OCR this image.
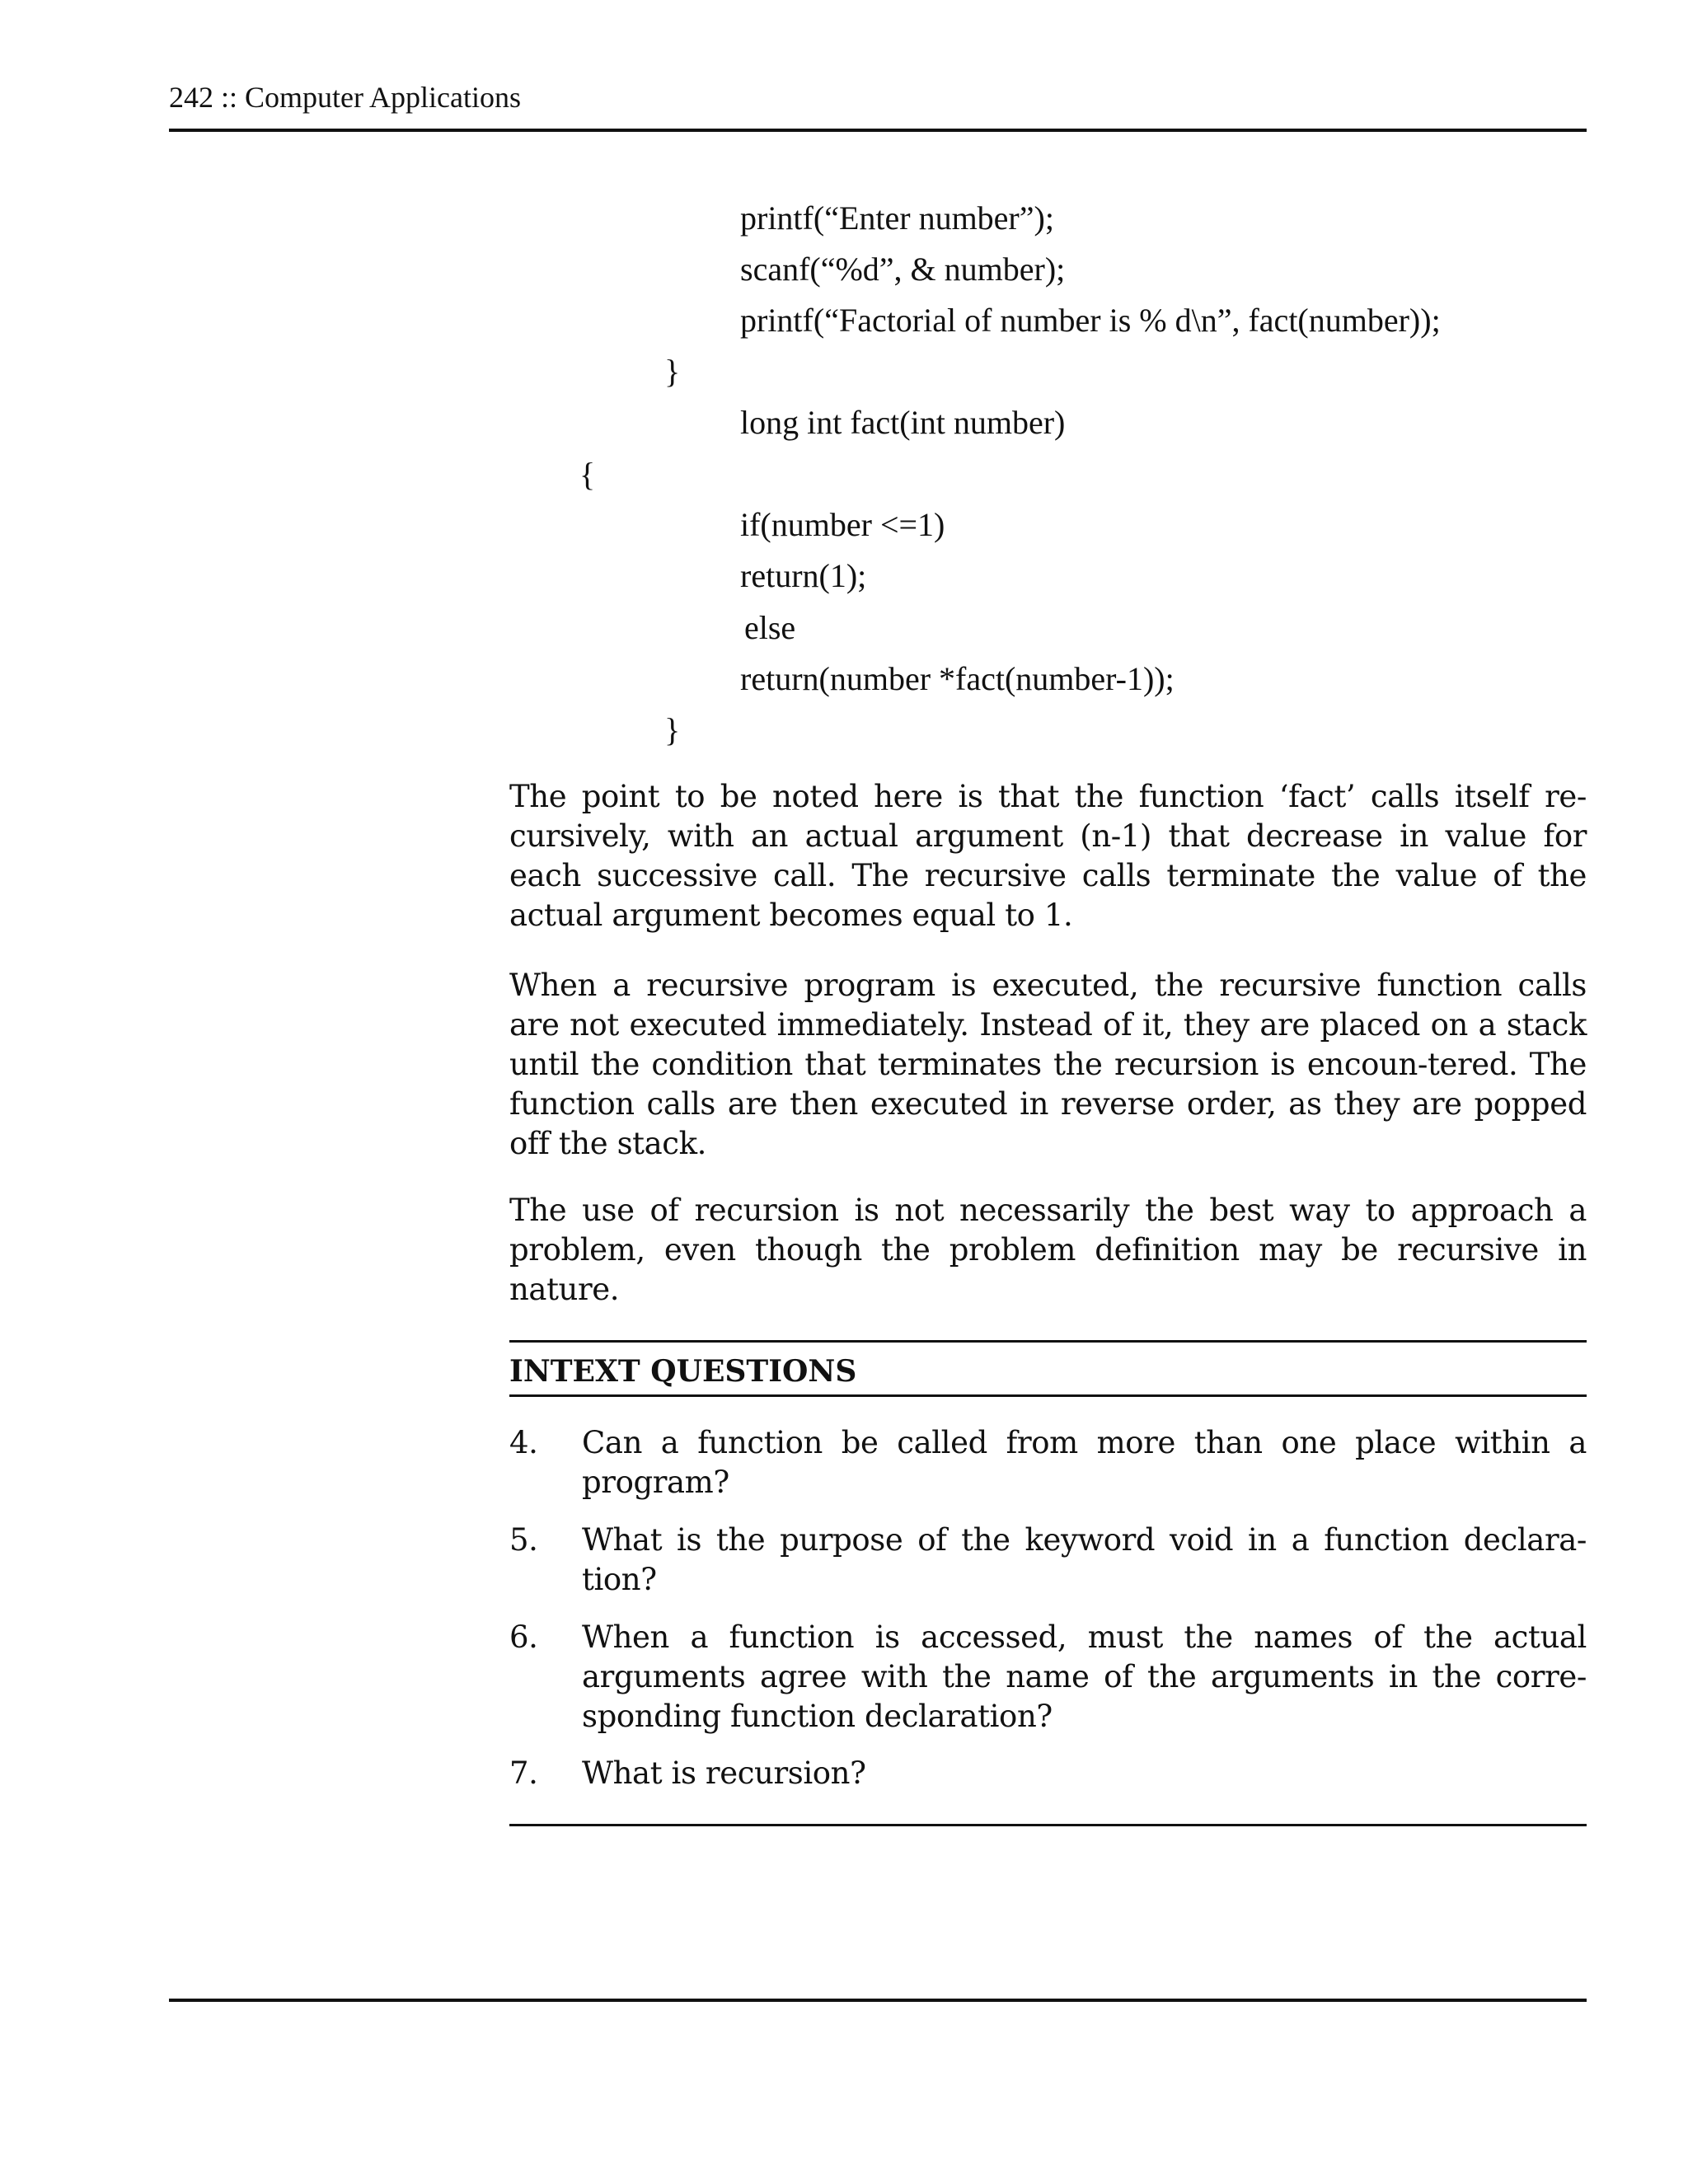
242 :: Computer Applications
printf(“Enter number”);
scanf(“%d”, & number);
printf(“Factorial of number is % d\n”, fact(number));
}
long int fact(int number)
{
if(number <=1)
return(1);
else
return(number *fact(number-1));
}

The point to be noted here is that the function ‘fact’ calls itself re-cursively, with an actual argument (n-1) that decrease in value for each successive call. The recursive calls terminate the value of the actual argument becomes equal to 1.

When a recursive program is executed, the recursive function calls are not executed immediately. Instead of it, they are placed on a stack until the condition that terminates the recursion is encoun-tered. The function calls are then executed in reverse order, as they are popped off the stack.

The use of recursion is not necessarily the best way to approach a problem, even though the problem definition may be recursive in nature.

INTEXT QUESTIONS
4.	Can a function be called from more than one place within a program?
5.	What is the purpose of the keyword void in a function declara-tion?
6.	When a function is accessed, must the names of the actual arguments agree with the name of the arguments in the corre-sponding function declaration?
7.	What is recursion?
